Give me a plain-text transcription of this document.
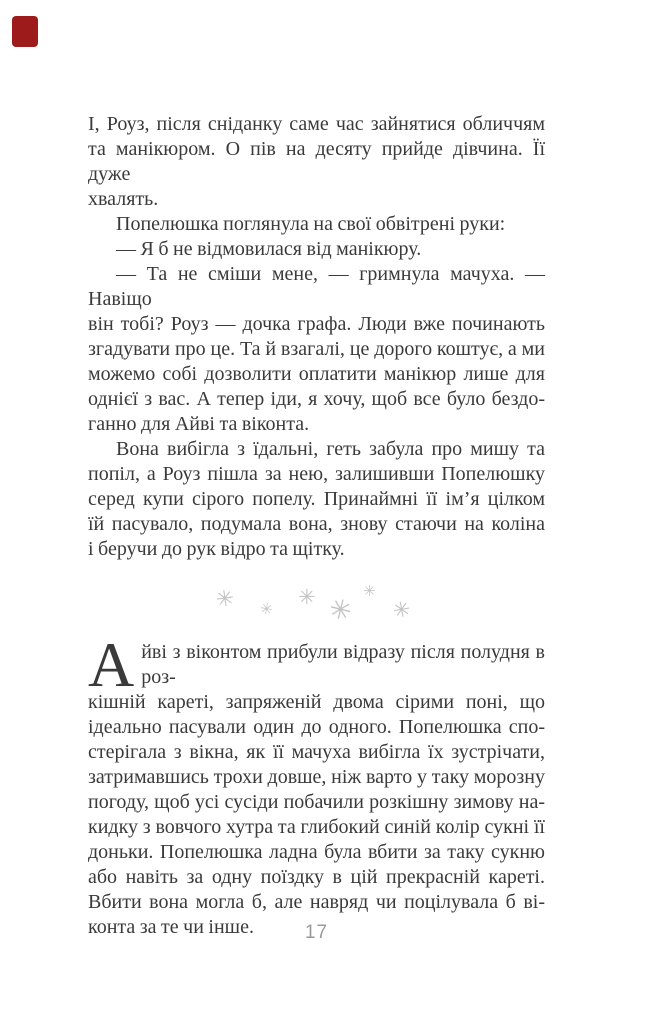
І, Роуз, після сніданку саме час зайнятися обличчям
та манікюром. О пів на десяту прийде дівчина. Її дуже
хвалять.
Попелюшка поглянула на свої обвітрені руки:
— Я б не відмовилася від манікюру.
— Та не сміши мене, — гримнула мачуха. — Навіщо
він тобі? Роуз — дочка графа. Люди вже починають
згадувати про це. Та й взагалі, це дорого коштує, а ми
можемо собі дозволити оплатити манікюр лише для
однієї з вас. А тепер іди, я хочу, щоб все було бездо-
ганно для Айві та віконта.
Вона вибігла з їдальні, геть забула про мишу та
попіл, а Роуз пішла за нею, залишивши Попелюшку
серед купи сірого попелу. Принаймні її ім’я цілком
їй пасувало, подумала вона, знову стаючи на коліна
і беручи до рук відро та щітку.
✳ ✳
✳ ✳
✳
✳
А йві з віконтом прибули відразу після полудня в роз-
кішній кареті, запряженій двома сірими поні, що
ідеально пасували один до одного. Попелюшка спо-
стерігала з вікна, як її мачуха вибігла їх зустрічати,
затримавшись трохи довше, ніж варто у таку морозну
погоду, щоб усі сусіди побачили розкішну зимову на-
кидку з вовчого хутра та глибокий синій колір сукні її
доньки. Попелюшка ладна була вбити за таку сукню
або навіть за одну поїздку в цій прекрасній кареті.
Вбити вона могла б, але навряд чи поцілувала б ві-
конта за те чи інше.	17
